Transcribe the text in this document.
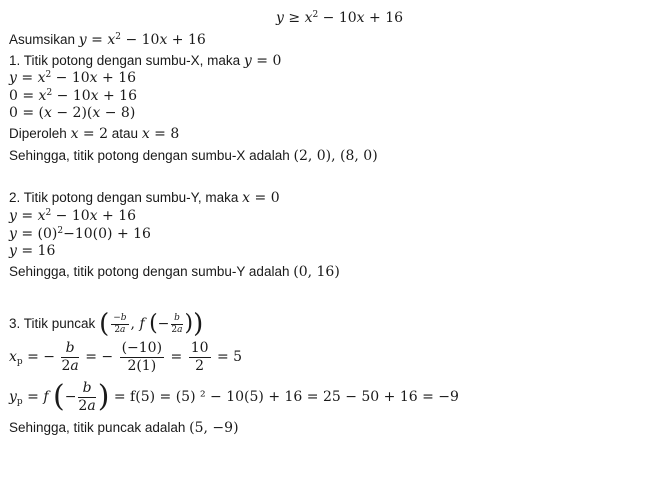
$y \ge x^2 - 10x + 16$
Asumsikan $y = x^2 - 10x + 16$
1. Titik potong dengan sumbu-X, maka y = 0
$y = x^2 - 10x + 16$
$0 = x^2 - 10x + 16$
0 = (x − 2)(x − 8)
Diperoleh x = 2 atau x = 8
Sehingga, titik potong dengan sumbu-X adalah (2, 0), (8, 0)
2. Titik potong dengan sumbu-Y, maka x = 0
$y = x^2 - 10x + 16$
$y = (0)^2-10(0) + 16$
y = 16
Sehingga, titik potong dengan sumbu-Y adalah (0, 16)
3. Titik puncak ( $\frac{-b}{2a}$ , f (− $\frac{b}{2a}$ ))
$x_p$ = − $\frac{b}{2a}$ = − $\frac{(-10)}{2(1)} = \frac{10}{2} = 5$
$y_p = f$ (− $\frac{b}{2a}$ ) = f(5) = (5) ² − 10(5) + 16 = 25 − 50 + 16 = −9
Sehingga, titik puncak adalah (5, −9)
